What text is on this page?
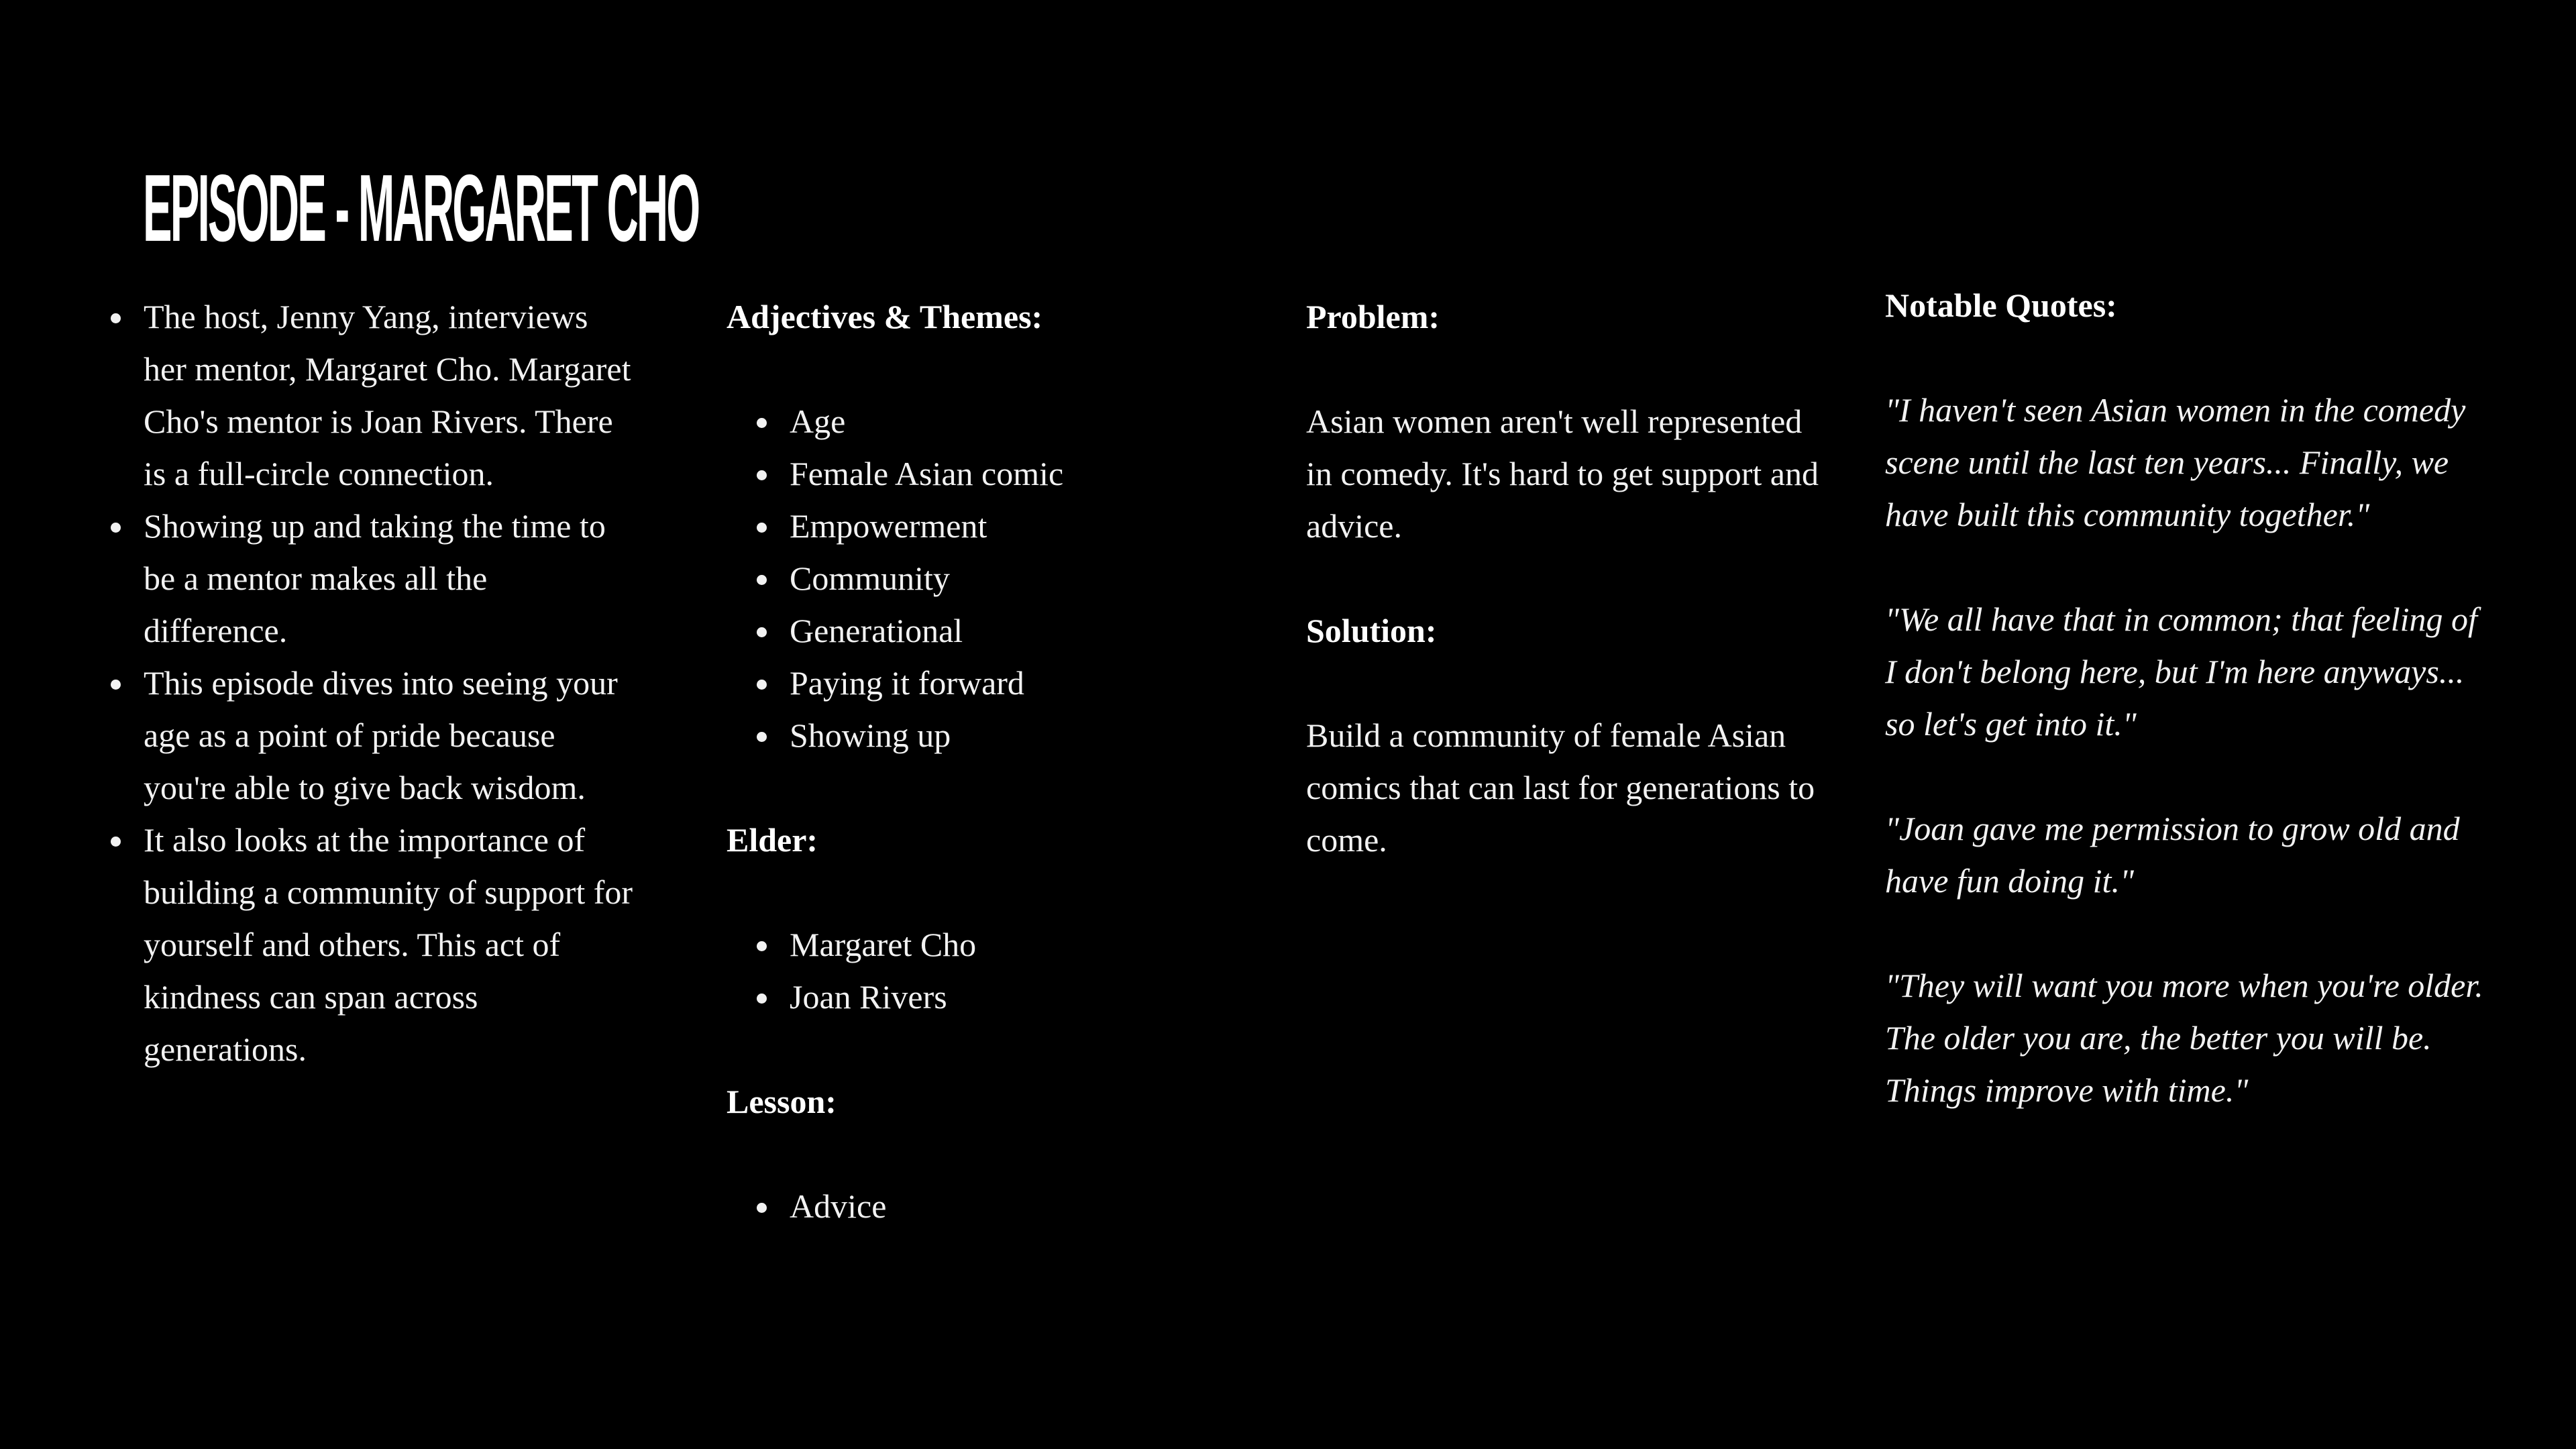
EPISODE - MARGARET CHO
The host, Jenny Yang, interviews her mentor, Margaret Cho. Margaret Cho's mentor is Joan Rivers. There is a full-circle connection.
Showing up and taking the time to be a mentor makes all the difference.
This episode dives into seeing your age as a point of pride because you're able to give back wisdom.
It also looks at the importance of building a community of support for yourself and others. This act of kindness can span across generations.

Adjectives & Themes:

Age
Female Asian comic
Empowerment
Community
Generational
Paying it forward
Showing up

Elder:

Margaret Cho
Joan Rivers

Lesson:

Advice

Problem:

Asian women aren't well represented in comedy. It's hard to get support and advice.

Solution:

Build a community of female Asian comics that can last for generations to come.

Notable Quotes:

"I haven't seen Asian women in the comedy scene until the last ten years... Finally, we have built this community together."

"We all have that in common; that feeling of I don't belong here, but I'm here anyways... so let's get into it."

"Joan gave me permission to grow old and have fun doing it."

"They will want you more when you're older. The older you are, the better you will be. Things improve with time."
